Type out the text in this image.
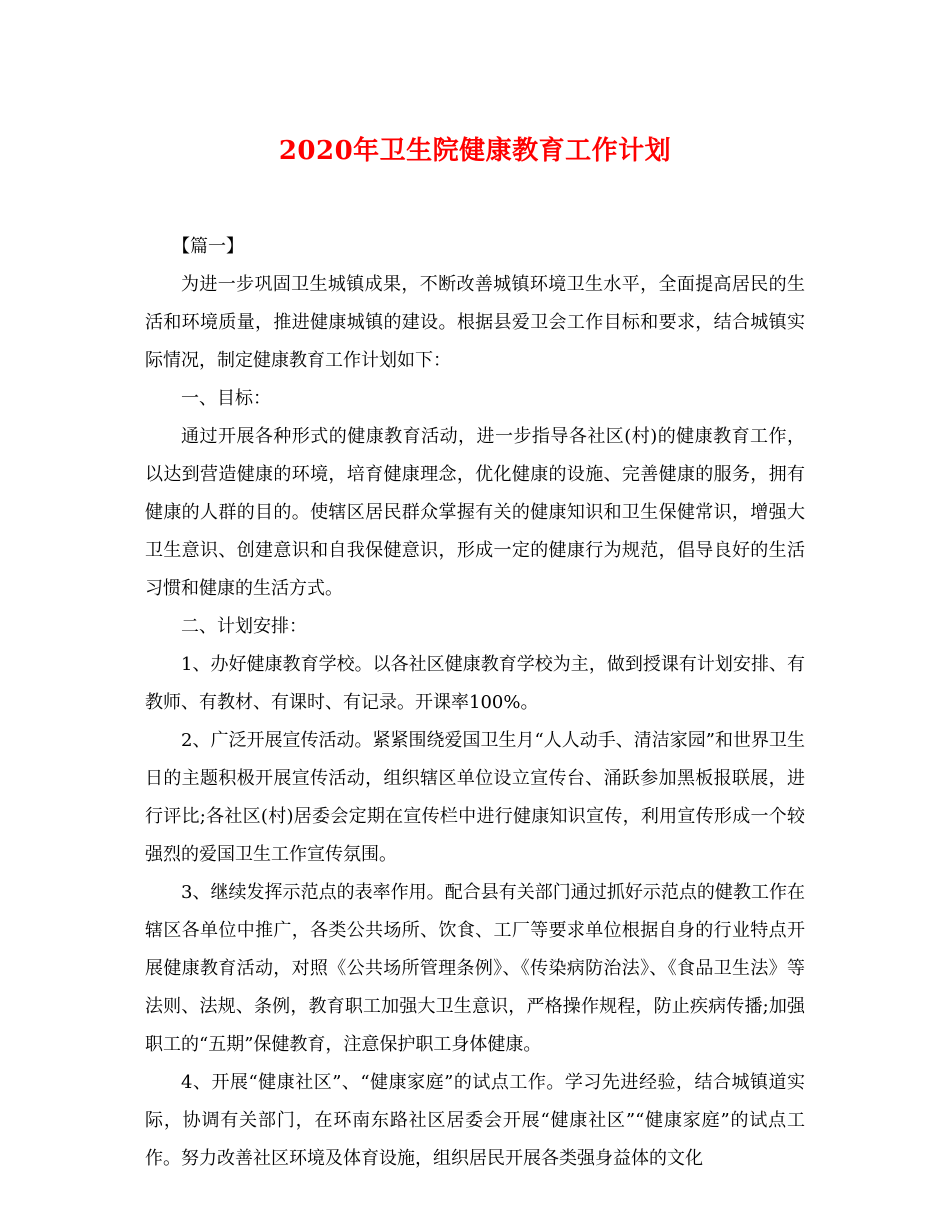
2020年卫生院健康教育工作计划

【篇一】

为进一步巩固卫生城镇成果，不断改善城镇环境卫生水平，全面提高居民的生活和环境质量，推进健康城镇的建设。根据县爱卫会工作目标和要求，结合城镇实际情况，制定健康教育工作计划如下：

一、目标：

通过开展各种形式的健康教育活动，进一步指导各社区(村)的健康教育工作，以达到营造健康的环境，培育健康理念，优化健康的设施、完善健康的服务，拥有健康的人群的目的。使辖区居民群众掌握有关的健康知识和卫生保健常识，增强大卫生意识、创建意识和自我保健意识，形成一定的健康行为规范，倡导良好的生活习惯和健康的生活方式。

二、计划安排：

1、办好健康教育学校。以各社区健康教育学校为主，做到授课有计划安排、有教师、有教材、有课时、有记录。开课率100%。

2、广泛开展宣传活动。紧紧围绕爱国卫生月“人人动手、清洁家园”和世界卫生日的主题积极开展宣传活动，组织辖区单位设立宣传台、涌跃参加黑板报联展，进行评比;各社区(村)居委会定期在宣传栏中进行健康知识宣传，利用宣传形成一个较强烈的爱国卫生工作宣传氛围。

3、继续发挥示范点的表率作用。配合县有关部门通过抓好示范点的健教工作在辖区各单位中推广，各类公共场所、饮食、工厂等要求单位根据自身的行业特点开展健康教育活动，对照《公共场所管理条例》、《传染病防治法》、《食品卫生法》等法则、法规、条例，教育职工加强大卫生意识，严格操作规程，防止疾病传播;加强职工的“五期”保健教育，注意保护职工身体健康。

4、开展“健康社区”、“健康家庭”的试点工作。学习先进经验，结合城镇道实际，协调有关部门，在环南东路社区居委会开展“健康社区”“健康家庭”的试点工作。努力改善社区环境及体育设施，组织居民开展各类强身益体的文化
